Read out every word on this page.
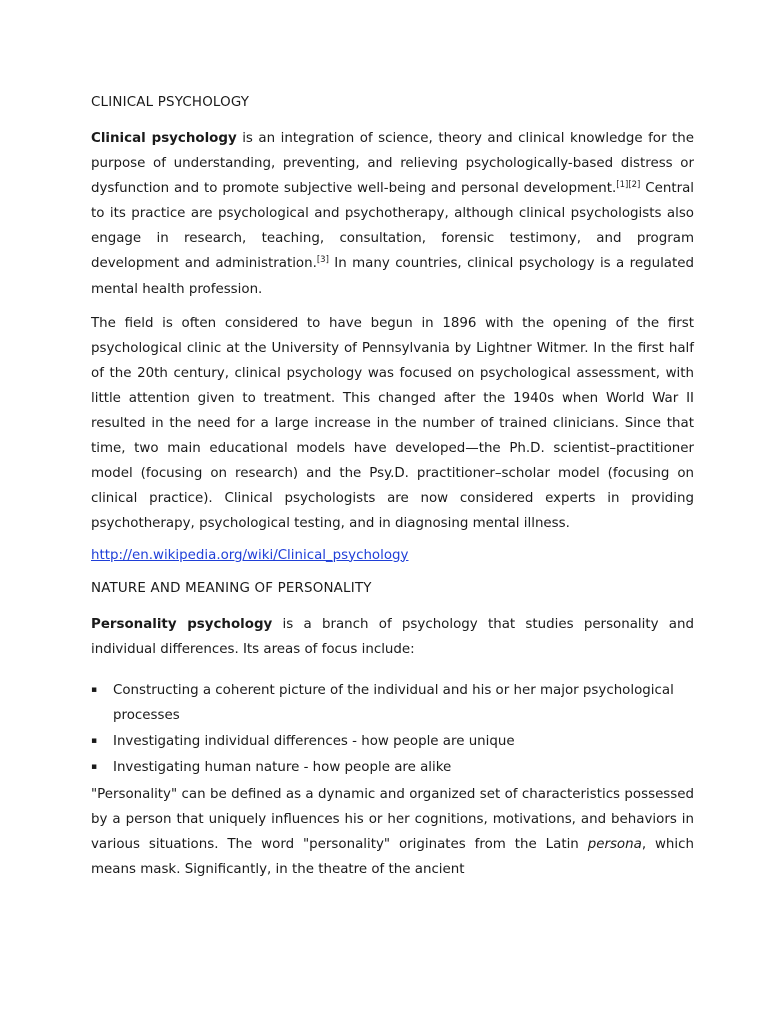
CLINICAL PSYCHOLOGY

Clinical psychology is an integration of science, theory and clinical knowledge for the purpose of understanding, preventing, and relieving psychologically-based distress or dysfunction and to promote subjective well-being and personal development.[1][2] Central to its practice are psychological and psychotherapy, although clinical psychologists also engage in research, teaching, consultation, forensic testimony, and program development and administration.[3] In many countries, clinical psychology is a regulated mental health profession.

The field is often considered to have begun in 1896 with the opening of the first psychological clinic at the University of Pennsylvania by Lightner Witmer. In the first half of the 20th century, clinical psychology was focused on psychological assessment, with little attention given to treatment. This changed after the 1940s when World War II resulted in the need for a large increase in the number of trained clinicians. Since that time, two main educational models have developed—the Ph.D. scientist–practitioner model (focusing on research) and the Psy.D. practitioner–scholar model (focusing on clinical practice). Clinical psychologists are now considered experts in providing psychotherapy, psychological testing, and in diagnosing mental illness.

http://en.wikipedia.org/wiki/Clinical_psychology
NATURE AND MEANING OF PERSONALITY

Personality psychology is a branch of psychology that studies personality and individual differences. Its areas of focus include:

▪ Constructing a coherent picture of the individual and his or her major psychological processes
▪ Investigating individual differences - how people are unique
▪ Investigating human nature - how people are alike

"Personality" can be defined as a dynamic and organized set of characteristics possessed by a person that uniquely influences his or her cognitions, motivations, and behaviors in various situations. The word "personality" originates from the Latin persona, which means mask. Significantly, in the theatre of the ancient
